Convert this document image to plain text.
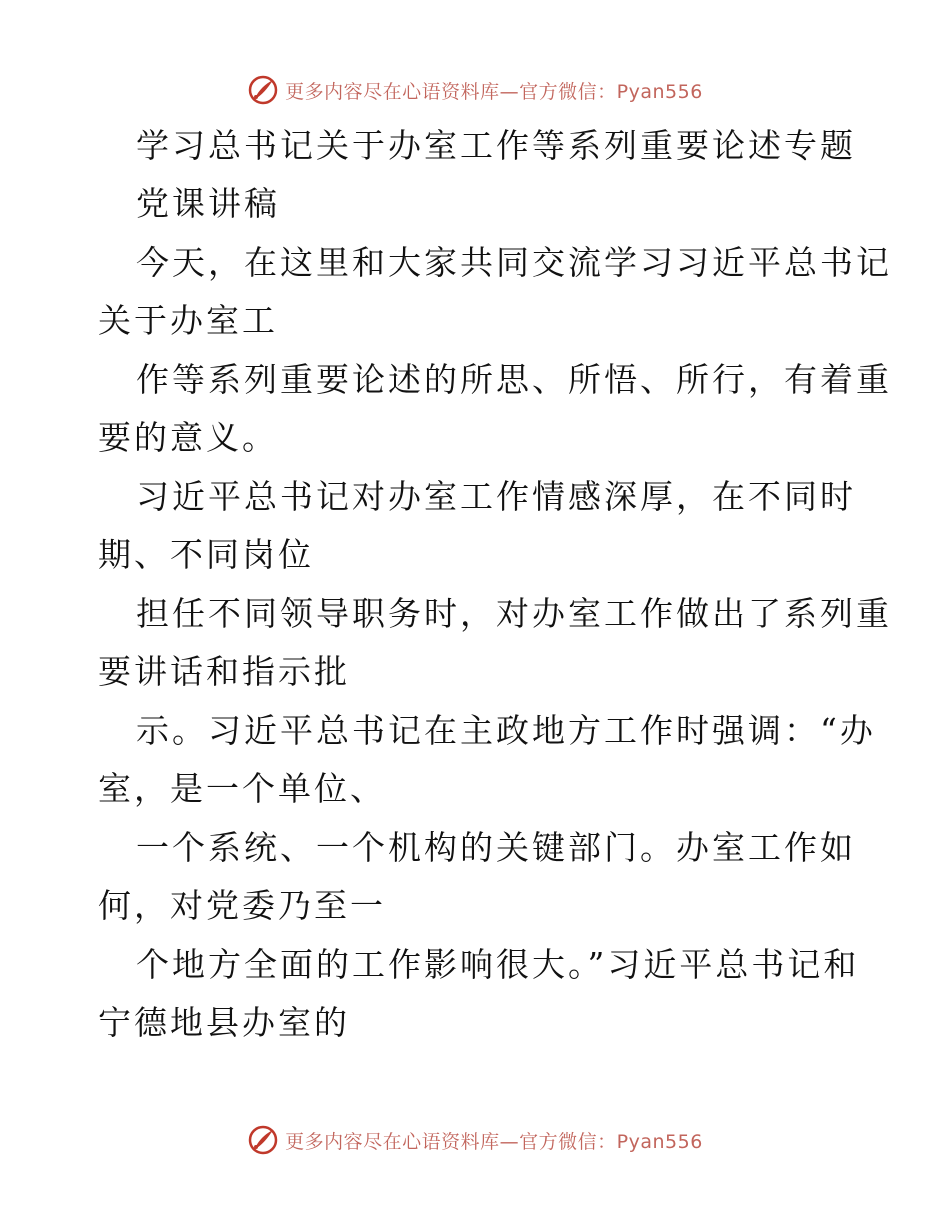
更多内容尽在心语资料库—官方微信：Pyan556
学习总书记关于办室工作等系列重要论述专题
党课讲稿
今天，在这里和大家共同交流学习习近平总书记
关于办室工
作等系列重要论述的所思、所悟、所行，有着重
要的意义。
习近平总书记对办室工作情感深厚，在不同时
期、不同岗位
担任不同领导职务时，对办室工作做出了系列重
要讲话和指示批
示。习近平总书记在主政地方工作时强调：“办
室，是一个单位、
一个系统、一个机构的关键部门。办室工作如
何，对党委乃至一
个地方全面的工作影响很大。”习近平总书记和
宁德地县办室的
更多内容尽在心语资料库—官方微信：Pyan556
